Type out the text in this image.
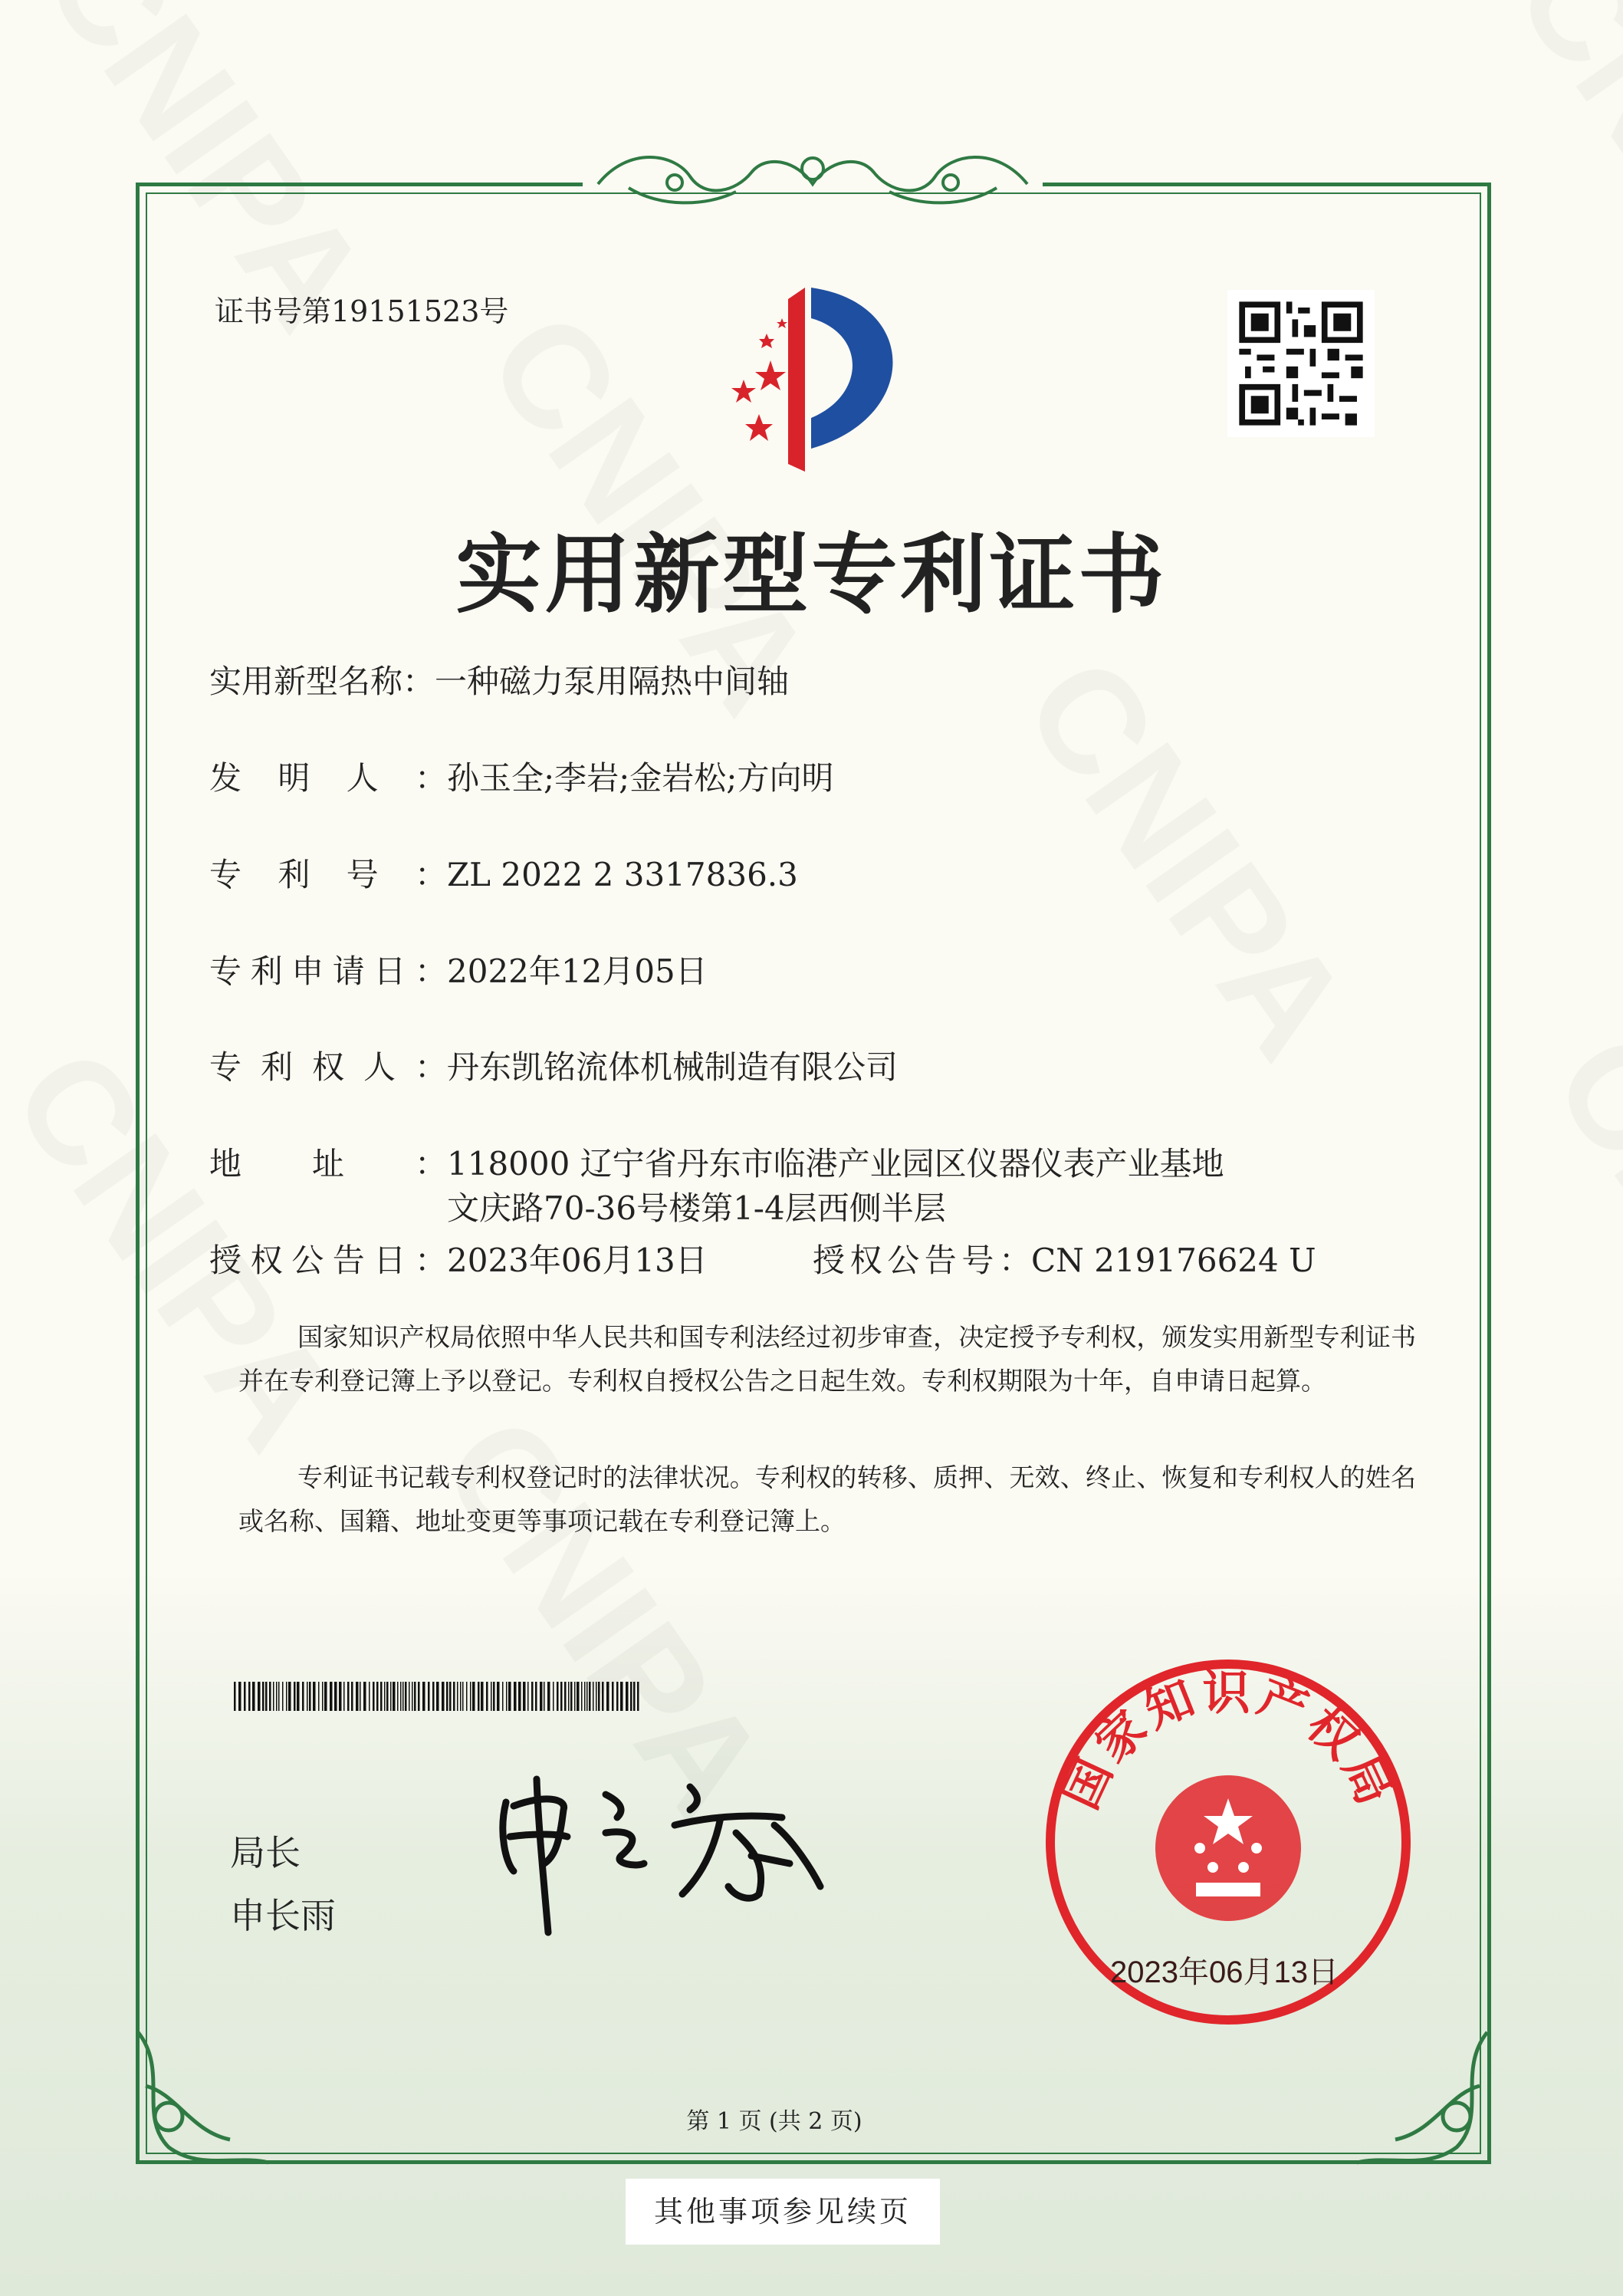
证书号第19151523号
实用新型专利证书
实用新型名称：一种磁力泵用隔热中间轴
发明人：孙玉全;李岩;金岩松;方向明
专利号：ZL 2022 2 3317836.3
专利申请日：2022年12月05日
专利权人：丹东凯铭流体机械制造有限公司
地址：118000 辽宁省丹东市临港产业园区仪器仪表产业基地
文庆路70-36号楼第1-4层西侧半层
授权公告日：2023年06月13日	授权公告号：CN 219176624 U
国家知识产权局依照中华人民共和国专利法经过初步审查，决定授予专利权，颁发实用新型专利证书并在专利登记簿上予以登记。专利权自授权公告之日起生效。专利权期限为十年，自申请日起算。
专利证书记载专利权登记时的法律状况。专利权的转移、质押、无效、终止、恢复和专利权人的姓名或名称、国籍、地址变更等事项记载在专利登记簿上。
局长
申长雨
国家知识产权局
2023年06月13日
第 1 页 (共 2 页)
其他事项参见续页
